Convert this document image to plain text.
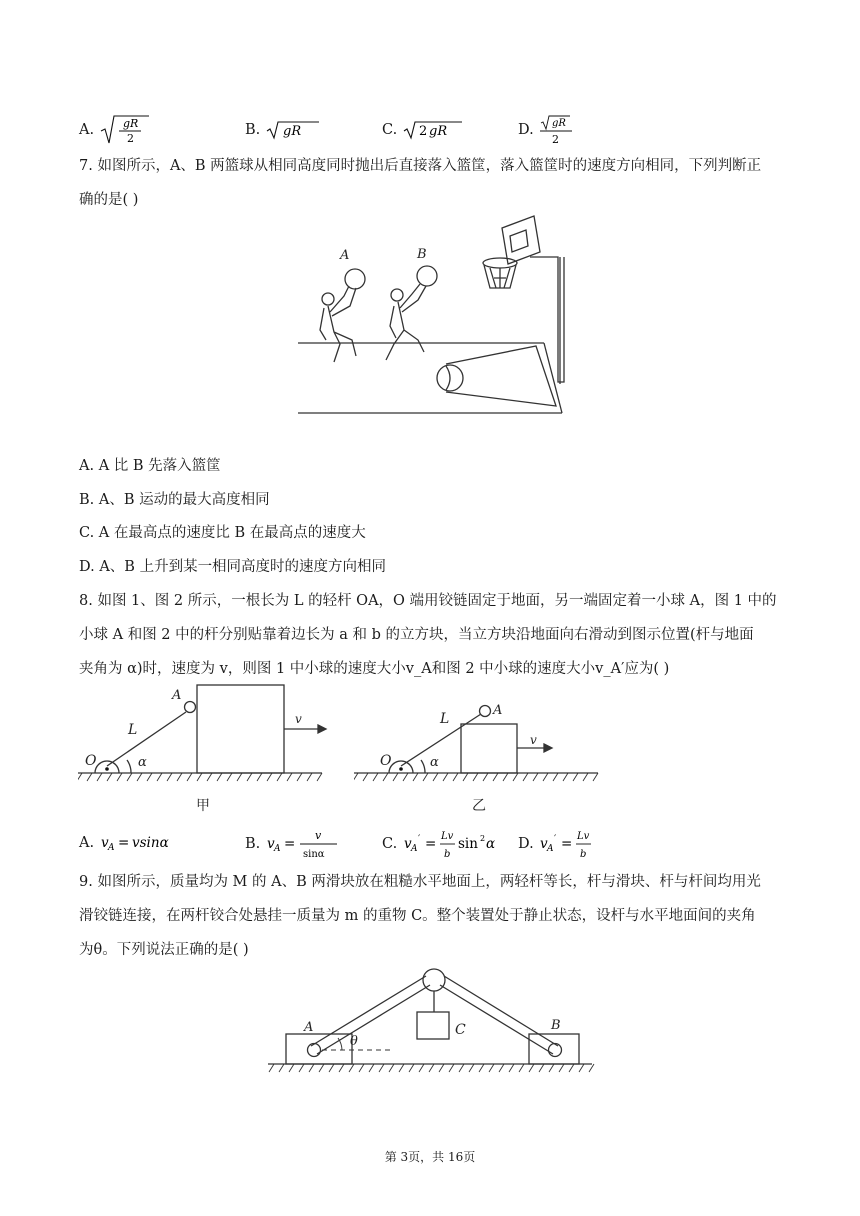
A.	gR
2
B. gR	C. 2 gR	D. gR
2
7. 如图所示，A、B 两篮球从相同高度同时抛出后直接落入篮筐，落入篮筐时的速度方向相同，下列判断正
确的是( )
A	B
A. A 比 B 先落入篮筐
B. A、B 运动的最大高度相同
C. A 在最高点的速度比 B 在最高点的速度大
D. A、B 上升到某一相同高度时的速度方向相同
8. 如图 1、图 2 所示，一根长为 L 的轻杆 OA，O 端用铰链固定于地面，另一端固定着一小球 A，图 1 中的
小球 A 和图 2 中的杆分别贴靠着边长为 a 和 b 的立方块，当立方块沿地面向右滑动到图示位置(杆与地面
夹角为 α)时，速度为 v，则图 1 中小球的速度大小v_A和图 2 中小球的速度大小v_A′应为( )
O
A
L
α
v
甲
O
A
L
α
v
乙
A. v A = vsinα	B. v A =
v
sinα
C. v A
′ = Lv
b
sin 2 α D. v A
′ = Lv
b
9. 如图所示，质量均为 M 的 A、B 两滑块放在粗糙水平地面上，两轻杆等长，杆与滑块、杆与杆间均用光
滑铰链连接，在两杆铰合处悬挂一质量为 m 的重物 C。整个装置处于静止状态，设杆与水平地面间的夹角
为θ。下列说法正确的是( )
A	B
C
θ
第 3页，共 16页
